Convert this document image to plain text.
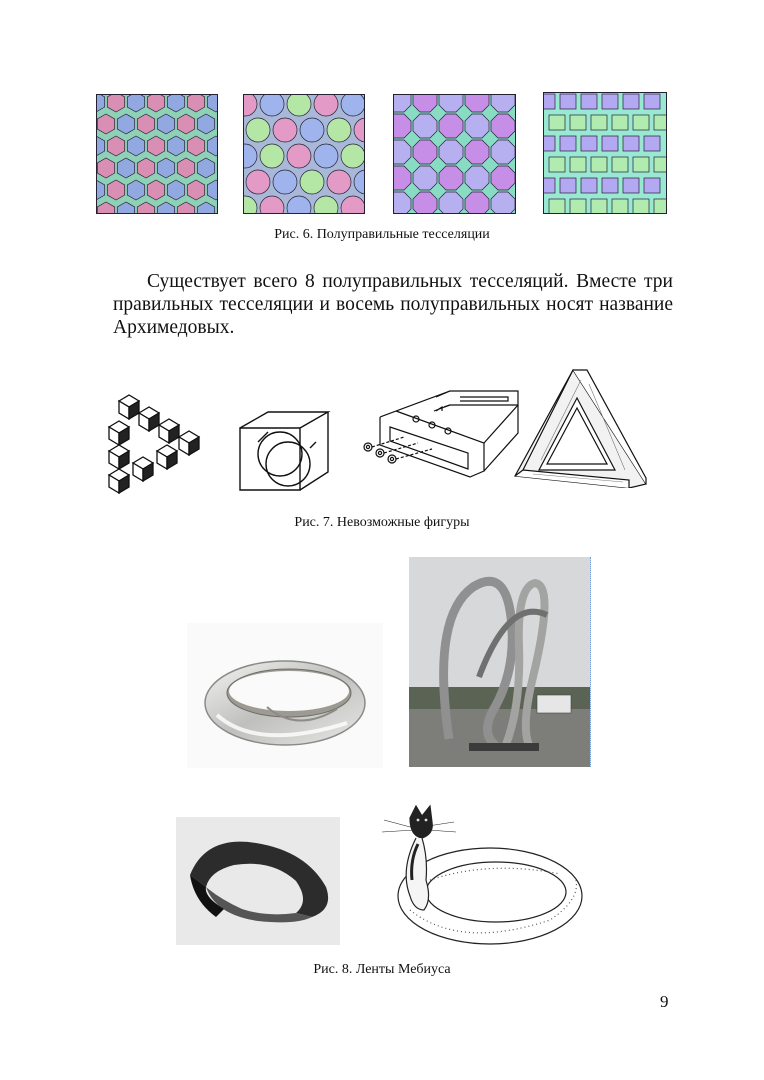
Рис. 6. Полуправильные тесселяции
Существует всего 8 полуправильных тесселяций. Вместе три
правильных тесселяции и восемь полуправильных носят название
Архимедовых.
Рис. 7. Невозможные фигуры
Рис. 8. Ленты Мебиуса
9
